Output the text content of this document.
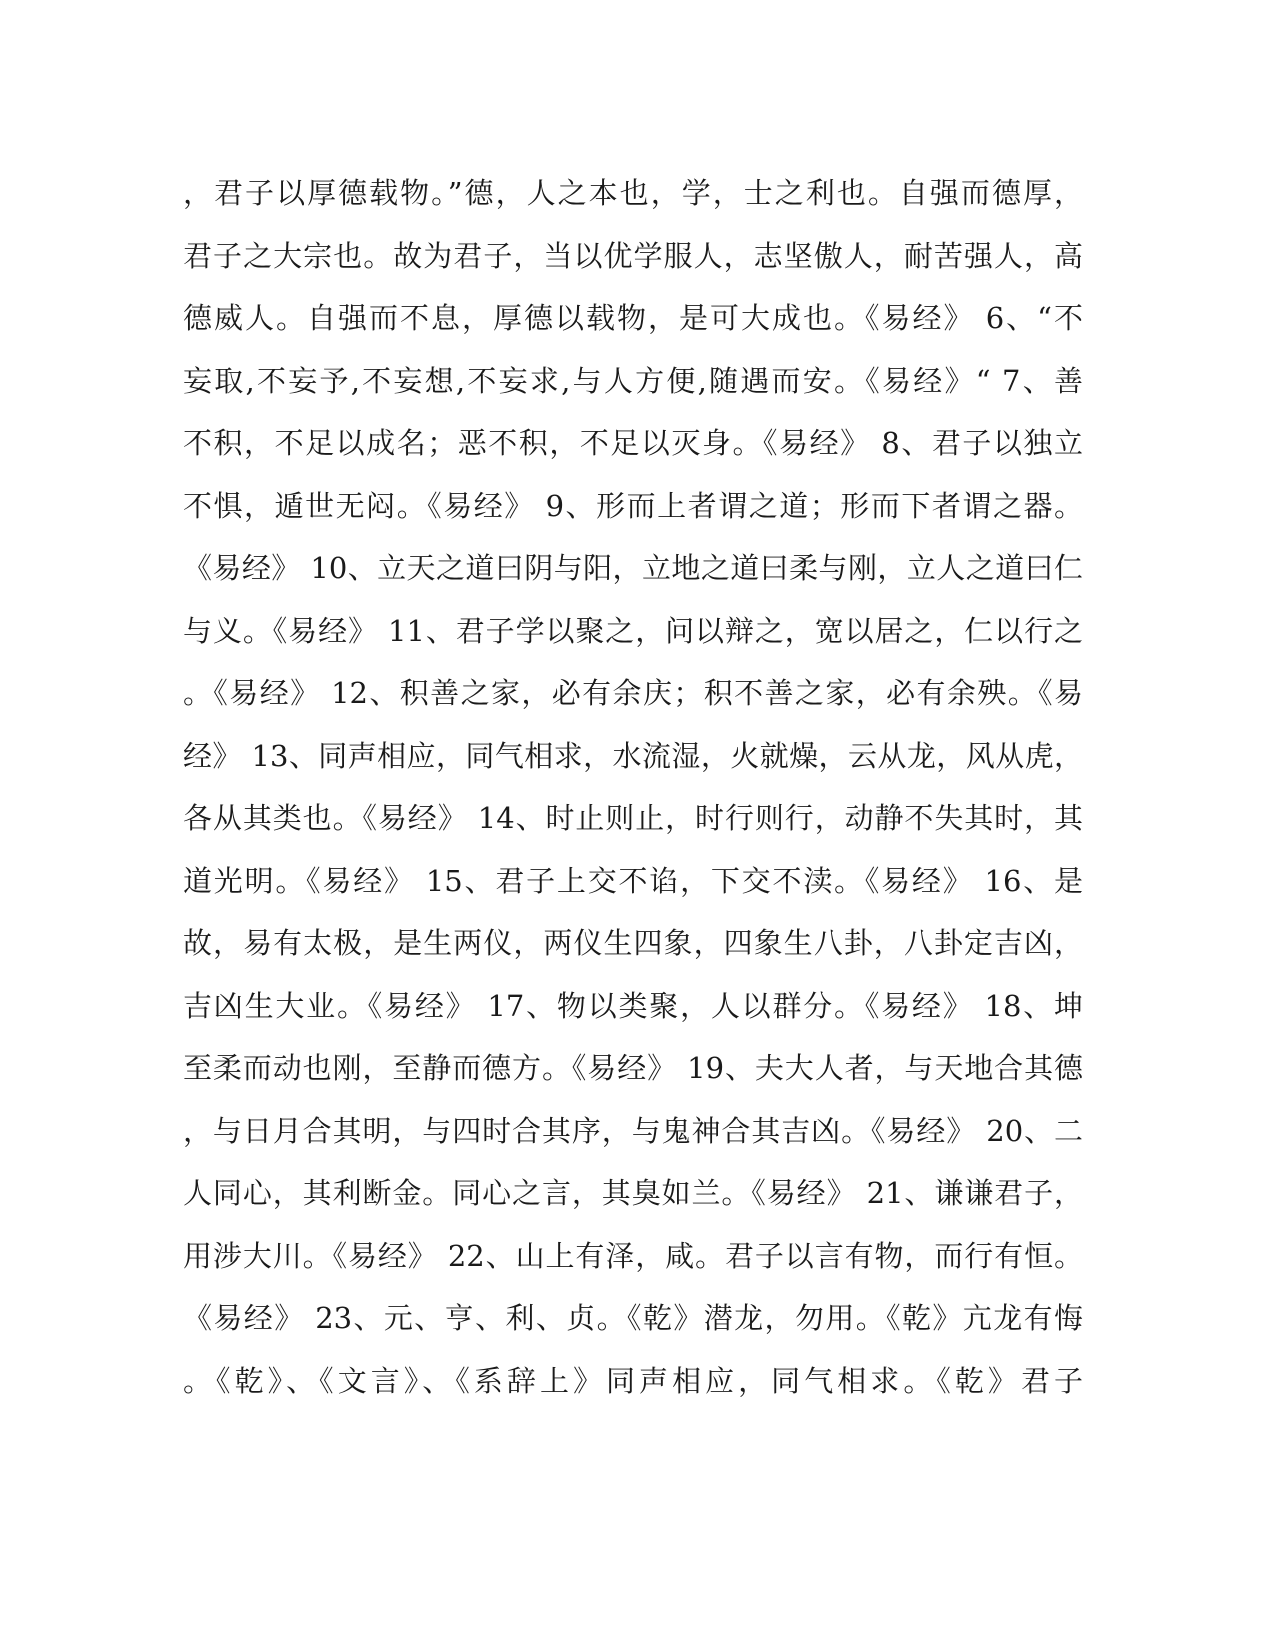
，君子以厚德载物。”德，人之本也，学，士之利也。自强而德厚，
君子之大宗也。故为君子，当以优学服人，志坚傲人，耐苦强人，高
德威人。自强而不息，厚德以载物，是可大成也。《易经》 6、“不
妄取,不妄予,不妄想,不妄求,与人方便,随遇而安。《易经》“ 7、善
不积，不足以成名；恶不积，不足以灭身。《易经》 8、君子以独立
不惧，遁世无闷。《易经》 9、形而上者谓之道；形而下者谓之器。
《易经》 10、立天之道曰阴与阳，立地之道曰柔与刚，立人之道曰仁
与义。《易经》 11、君子学以聚之，问以辩之，宽以居之，仁以行之
。《易经》 12、积善之家，必有余庆；积不善之家，必有余殃。《易
经》 13、同声相应，同气相求，水流湿，火就燥，云从龙，风从虎，
各从其类也。《易经》 14、时止则止，时行则行，动静不失其时，其
道光明。《易经》 15、君子上交不谄，下交不渎。《易经》 16、是
故，易有太极，是生两仪，两仪生四象，四象生八卦，八卦定吉凶，
吉凶生大业。《易经》 17、物以类聚，人以群分。《易经》 18、坤
至柔而动也刚，至静而德方。《易经》 19、夫大人者，与天地合其德
，与日月合其明，与四时合其序，与鬼神合其吉凶。《易经》 20、二
人同心，其利断金。同心之言，其臭如兰。《易经》 21、谦谦君子，
用涉大川。《易经》 22、山上有泽，咸。君子以言有物，而行有恒。
《易经》 23、元、亨、利、贞。《乾》潜龙，勿用。《乾》亢龙有悔
。《乾》、《文言》、《系辞上》同声相应，同气相求。《乾》君子
